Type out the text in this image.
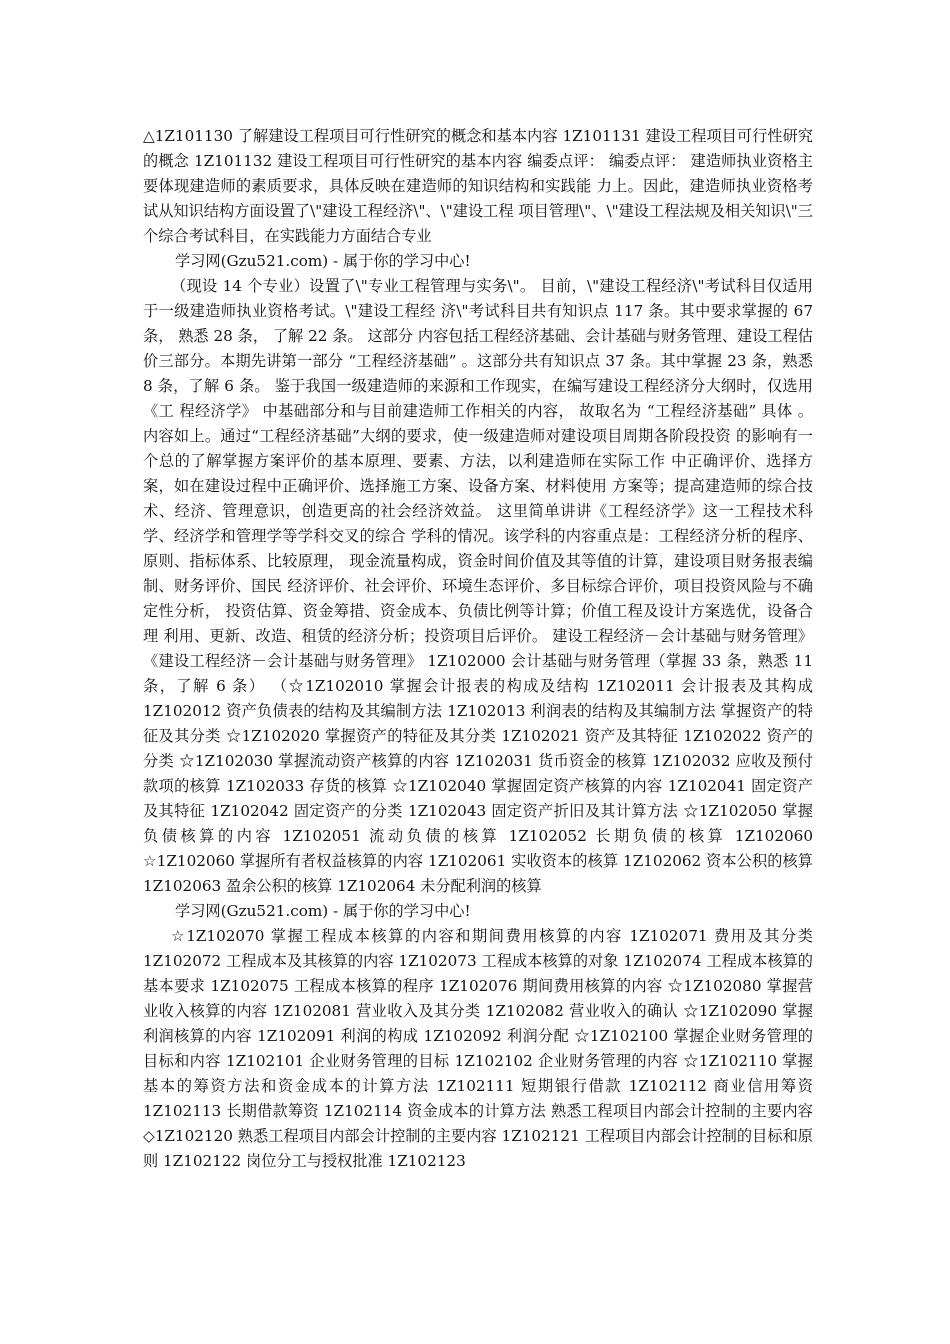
△1Z101130 了解建设工程项目可行性研究的概念和基本内容 1Z101131 建设工程项目可行性研究的概念 1Z101132 建设工程项目可行性研究的基本内容 编委点评： 编委点评： 建造师执业资格主要体现建造师的素质要求，具体反映在建造师的知识结构和实践能 力上。因此，建造师执业资格考试从知识结构方面设置了\"建设工程经济\"、\"建设工程 项目管理\"、\"建设工程法规及相关知识\"三个综合考试科目，在实践能力方面结合专业

学习网(Gzu521.com) - 属于你的学习中心!

（现设 14 个专业）设置了\"专业工程管理与实务\"。 目前，\"建设工程经济\"考试科目仅适用于一级建造师执业资格考试。\"建设工程经 济\"考试科目共有知识点 117 条。其中要求掌握的 67 条， 熟悉 28 条， 了解 22 条。 这部分 内容包括工程经济基础、会计基础与财务管理、建设工程估价三部分。本期先讲第一部分 “工程经济基础” 。这部分共有知识点 37 条。其中掌握 23 条，熟悉 8 条，了解 6 条。 鉴于我国一级建造师的来源和工作现实，在编写建设工程经济分大纲时，仅选用《工 程经济学》 中基础部分和与目前建造师工作相关的内容， 故取名为 “工程经济基础” 具体 。 内容如上。通过“工程经济基础”大纲的要求，使一级建造师对建设项目周期各阶段投资 的影响有一个总的了解掌握方案评价的基本原理、要素、方法，以利建造师在实际工作 中正确评价、选择方案，如在建设过程中正确评价、选择施工方案、设备方案、材料使用 方案等；提高建造师的综合技术、经济、管理意识，创造更高的社会经济效益。 这里简单讲讲《工程经济学》这一工程技术科学、经济学和管理学等学科交叉的综合 学科的情况。该学科的内容重点是：工程经济分析的程序、原则、指标体系、比较原理， 现金流量构成，资金时间价值及其等值的计算，建设项目财务报表编制、财务评价、国民 经济评价、社会评价、环境生态评价、多目标综合评价，项目投资风险与不确定性分析， 投资估算、资金筹措、资金成本、负债比例等计算；价值工程及设计方案选优，设备合理 利用、更新、改造、租赁的经济分析；投资项目后评价。 建设工程经济－会计基础与财务管理》 《建设工程经济－会计基础与财务管理》 1Z102000 会计基础与财务管理（掌握 33 条，熟悉 11 条，了解 6 条） （☆1Z102010 掌握会计报表的构成及结构 1Z102011 会计报表及其构成 1Z102012 资产负债表的结构及其编制方法 1Z102013 利润表的结构及其编制方法 掌握资产的特征及其分类 ☆1Z102020 掌握资产的特征及其分类 1Z102021 资产及其特征 1Z102022 资产的分类 ☆1Z102030 掌握流动资产核算的内容 1Z102031 货币资金的核算 1Z102032 应收及预付款项的核算 1Z102033 存货的核算 ☆1Z102040 掌握固定资产核算的内容 1Z102041 固定资产及其特征 1Z102042 固定资产的分类 1Z102043 固定资产折旧及其计算方法 ☆1Z102050 掌握负债核算的内容 1Z102051 流动负债的核算 1Z102052 长期负债的核算 1Z102060 ☆1Z102060 掌握所有者权益核算的内容 1Z102061 实收资本的核算 1Z102062 资本公积的核算 1Z102063 盈余公积的核算 1Z102064 未分配利润的核算

学习网(Gzu521.com) - 属于你的学习中心!

☆1Z102070 掌握工程成本核算的内容和期间费用核算的内容 1Z102071 费用及其分类 1Z102072 工程成本及其核算的内容 1Z102073 工程成本核算的对象 1Z102074 工程成本核算的基本要求 1Z102075 工程成本核算的程序 1Z102076 期间费用核算的内容 ☆1Z102080 掌握营业收入核算的内容 1Z102081 营业收入及其分类 1Z102082 营业收入的确认 ☆1Z102090 掌握利润核算的内容 1Z102091 利润的构成 1Z102092 利润分配 ☆1Z102100 掌握企业财务管理的目标和内容 1Z102101 企业财务管理的目标 1Z102102 企业财务管理的内容 ☆1Z102110 掌握基本的筹资方法和资金成本的计算方法 1Z102111 短期银行借款 1Z102112 商业信用筹资 1Z102113 长期借款筹资 1Z102114 资金成本的计算方法 熟悉工程项目内部会计控制的主要内容 ◇1Z102120 熟悉工程项目内部会计控制的主要内容 1Z102121 工程项目内部会计控制的目标和原则 1Z102122 岗位分工与授权批准 1Z102123
